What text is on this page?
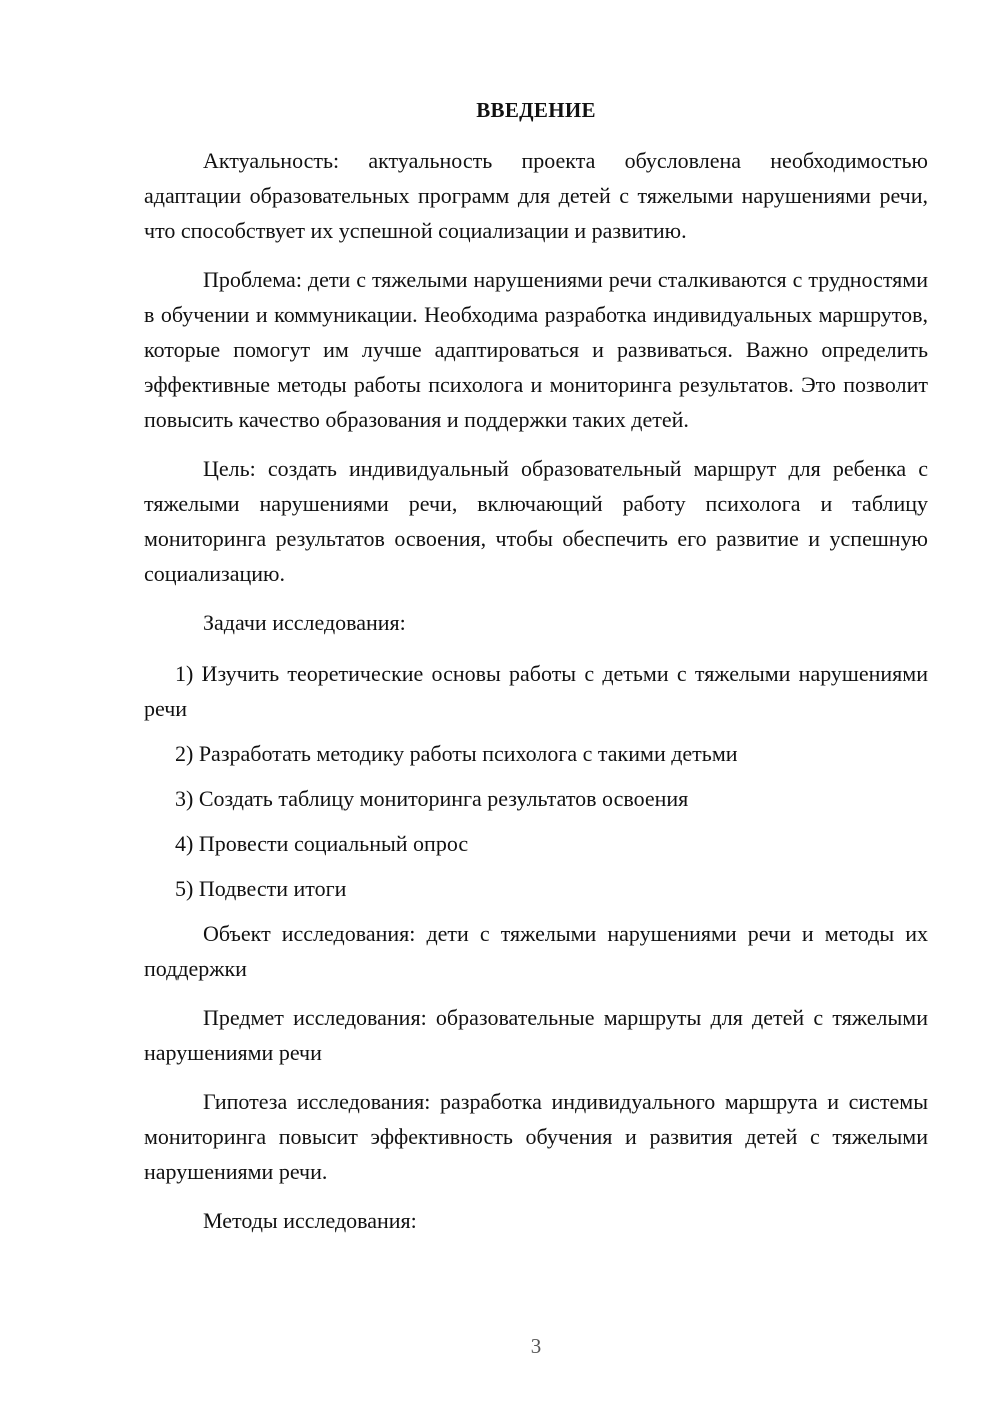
ВВЕДЕНИЕ

Актуальность: актуальность проекта обусловлена необходимостью адаптации образовательных программ для детей с тяжелыми нарушениями речи, что способствует их успешной социализации и развитию.

Проблема: дети с тяжелыми нарушениями речи сталкиваются с трудностями в обучении и коммуникации. Необходима разработка индивидуальных маршрутов, которые помогут им лучше адаптироваться и развиваться. Важно определить эффективные методы работы психолога и мониторинга результатов. Это позволит повысить качество образования и поддержки таких детей.

Цель: создать индивидуальный образовательный маршрут для ребенка с тяжелыми нарушениями речи, включающий работу психолога и таблицу мониторинга результатов освоения, чтобы обеспечить его развитие и успешную социализацию.

Задачи исследования:

1) Изучить теоретические основы работы с детьми с тяжелыми нарушениями речи

2) Разработать методику работы психолога с такими детьми

3) Создать таблицу мониторинга результатов освоения

4) Провести социальный опрос

5) Подвести итоги

Объект исследования: дети с тяжелыми нарушениями речи и методы их поддержки

Предмет исследования: образовательные маршруты для детей с тяжелыми нарушениями речи

Гипотеза исследования: разработка индивидуального маршрута и системы мониторинга повысит эффективность обучения и развития детей с тяжелыми нарушениями речи.

Методы исследования:

3
